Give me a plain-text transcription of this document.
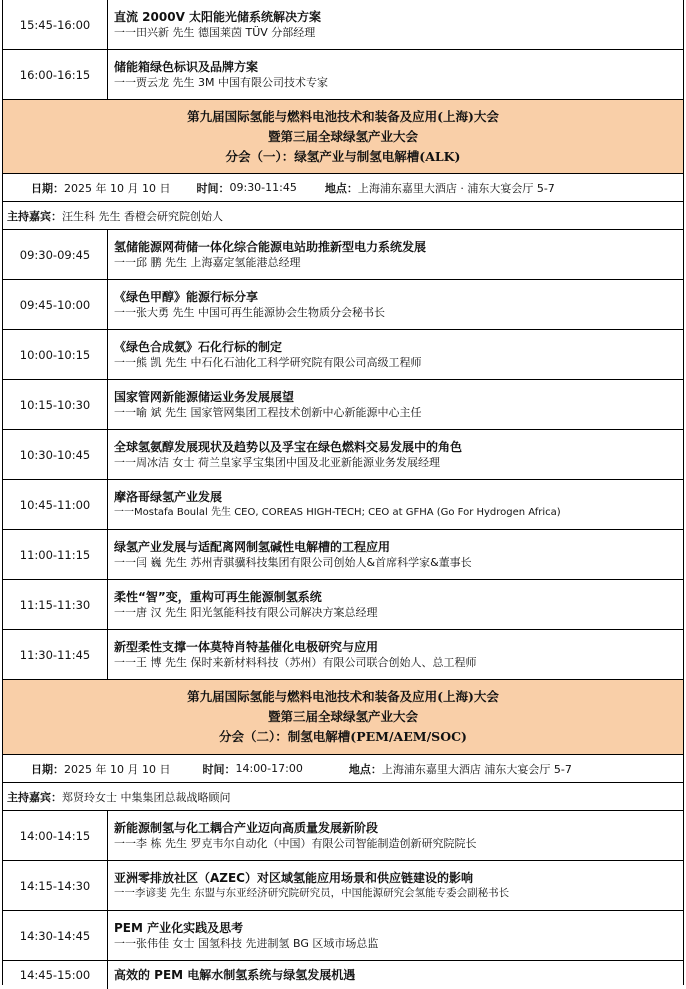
15:45-16:00
直流 2000V 太阳能光储系统解决方案
一一田兴新 先生 德国莱茵 TÜV 分部经理
16:00-16:15
储能箱绿色标识及品牌方案
一一贾云龙 先生 3M 中国有限公司技术专家
第九届国际氢能与燃料电池技术和装备及应用(上海)大会
暨第三届全球绿氢产业大会
分会（一）：绿氢产业与制氢电解槽(ALK)
日期： 2025 年 10 月 10 日 时间： 09:30-11:45	地点： 上海浦东嘉里大酒店 · 浦东大宴会厅 5-7
主持嘉宾： 汪生科 先生 香橙会研究院创始人
09:30-09:45
氢储能源网荷储一体化综合能源电站助推新型电力系统发展
一一邱 鹏 先生 上海嘉定氢能港总经理
09:45-10:00
《绿色甲醇》能源行标分享
一一张大勇 先生 中国可再生能源协会生物质分会秘书长
10:00-10:15
《绿色合成氨》石化行标的制定
一一熊 凯 先生 中石化石油化工科学研究院有限公司高级工程师
10:15-10:30
国家管网新能源储运业务发展展望
一一喻 斌 先生 国家管网集团工程技术创新中心新能源中心主任
10:30-10:45
全球氢氨醇发展现状及趋势以及孚宝在绿色燃料交易发展中的角色
一一周冰洁 女士 荷兰皇家孚宝集团中国及北亚新能源业务发展经理
10:45-11:00
摩洛哥绿氢产业发展
一一Mostafa Boulal 先生 CEO, COREAS HIGH-TECH; CEO at GFHA (Go For Hydrogen Africa)
11:00-11:15
绿氢产业发展与适配离网制氢碱性电解槽的工程应用
一一闫 巍 先生 苏州青骐骥科技集团有限公司创始人&首席科学家&董事长
11:15-11:30
柔性“智”变，重构可再生能源制氢系统
一一唐 汉 先生 阳光氢能科技有限公司解决方案总经理
11:30-11:45
新型柔性支撑一体莫特肖特基催化电极研究与应用
一一王 博 先生 保时来新材料科技（苏州）有限公司联合创始人、总工程师
第九届国际氢能与燃料电池技术和装备及应用(上海)大会
暨第三届全球绿氢产业大会
分会（二）：制氢电解槽(PEM/AEM/SOC)
日期： 2025 年 10 月 10 日	时间： 14:00-17:00	地点： 上海浦东嘉里大酒店 浦东大宴会厅 5-7
主持嘉宾： 郑贤玲女士 中集集团总裁战略顾问
14:00-14:15
新能源制氢与化工耦合产业迈向高质量发展新阶段
一一李 栋 先生 罗克韦尔自动化（中国）有限公司智能制造创新研究院院长
14:15-14:30
亚洲零排放社区（AZEC）对区域氢能应用场景和供应链建设的影响
一一李谚斐 先生 东盟与东亚经济研究院研究员，中国能源研究会氢能专委会副秘书长
14:30-14:45
PEM 产业化实践及思考
一一张伟佳 女士 国氢科技 先进制氢 BG 区域市场总监
14:45-15:00	高效的 PEM 电解水制氢系统与绿氢发展机遇
